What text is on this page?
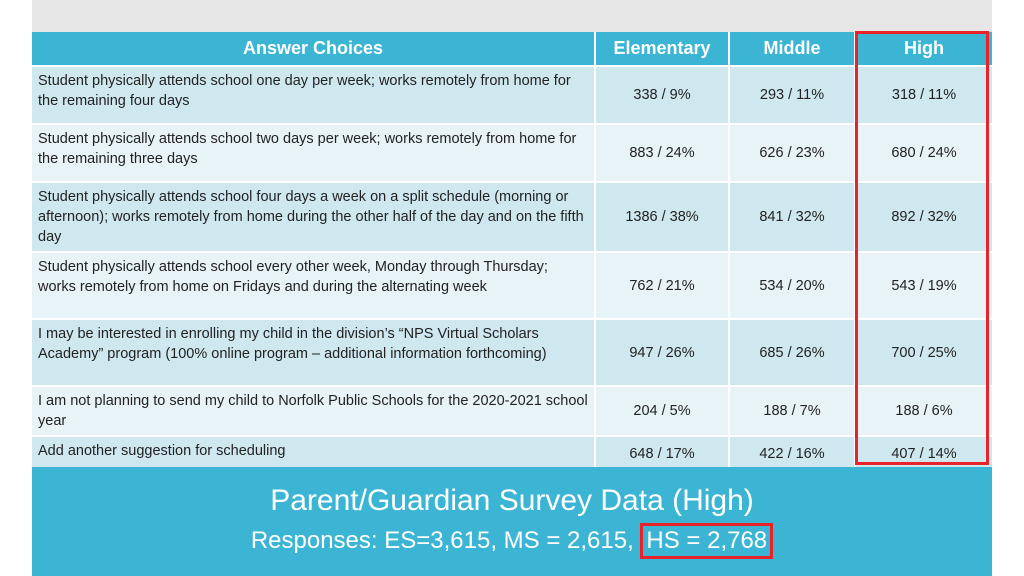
Answer Choices	Elementary	Middle	High
Student physically attends school one day per week; works remotely from home for the remaining four days	338 / 9%	293 / 11%	318 / 11%
Student physically attends school two days per week; works remotely from home for the remaining three days	883 / 24%	626 / 23%	680 / 24%
Student physically attends school four days a week on a split schedule (morning or afternoon); works remotely from home during the other half of the day and on the fifth day	1386 / 38%	841 / 32%	892 / 32%
Student physically attends school every other week, Monday through Thursday; works remotely from home on Fridays and during the alternating week	762 / 21%	534 / 20%	543 / 19%
I may be interested in enrolling my child in the division’s “NPS Virtual Scholars Academy” program (100% online program – additional information forthcoming)	947 / 26%	685 / 26%	700 / 25%
I am not planning to send my child to Norfolk Public Schools for the 2020-2021 school year	204 / 5%	188 / 7%	188 / 6%
Add another suggestion for scheduling	648 / 17%	422 / 16%	407 / 14%
Parent/Guardian Survey Data (High)
Responses: ES=3,615, MS = 2,615, HS = 2,768
